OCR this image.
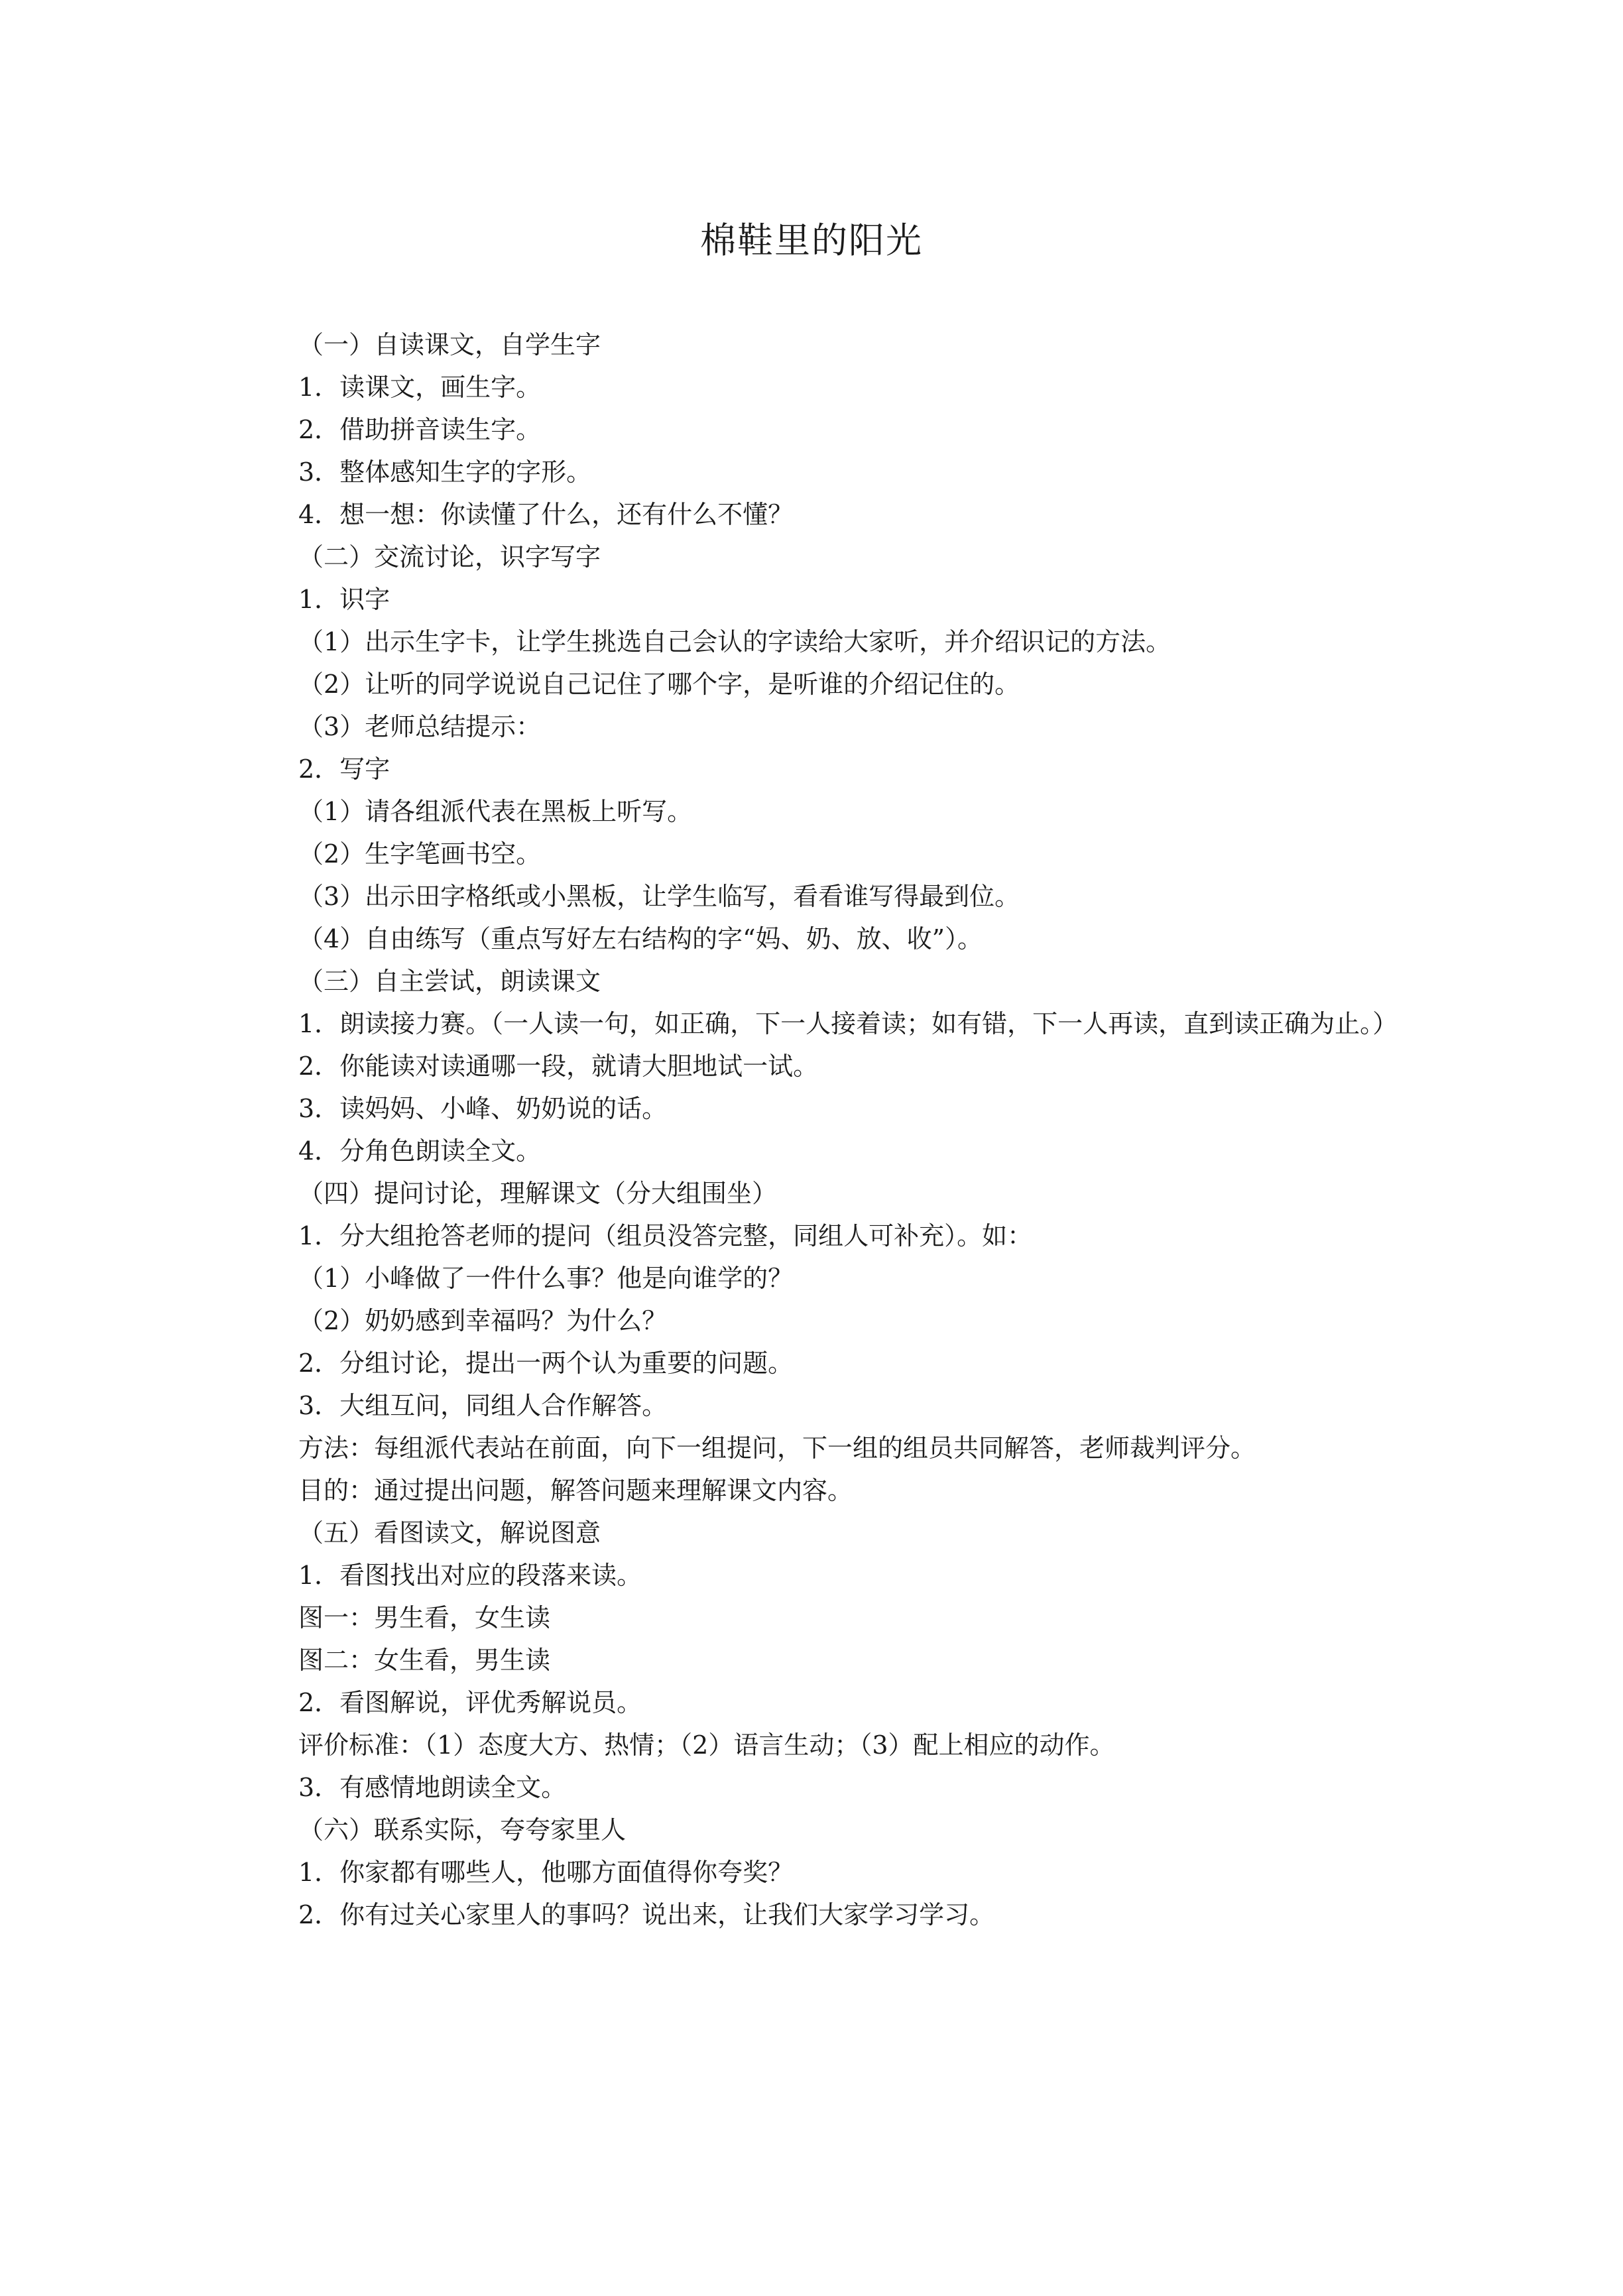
棉鞋里的阳光
（一）自读课文，自学生字
1．读课文，画生字。
2．借助拼音读生字。
3．整体感知生字的字形。
4．想一想：你读懂了什么，还有什么不懂？
（二）交流讨论，识字写字
1．识字
（1）出示生字卡，让学生挑选自己会认的字读给大家听，并介绍识记的方法。
（2）让听的同学说说自己记住了哪个字，是听谁的介绍记住的。
（3）老师总结提示：
2．写字
（1）请各组派代表在黑板上听写。
（2）生字笔画书空。
（3）出示田字格纸或小黑板，让学生临写，看看谁写得最到位。
（4）自由练写（重点写好左右结构的字“妈、奶、放、收”）。
（三）自主尝试，朗读课文
1．朗读接力赛。（一人读一句，如正确，下一人接着读；如有错，下一人再读，直到读正确为止。）
2．你能读对读通哪一段，就请大胆地试一试。
3．读妈妈、小峰、奶奶说的话。
4．分角色朗读全文。
（四）提问讨论，理解课文（分大组围坐）
1．分大组抢答老师的提问（组员没答完整，同组人可补充）。如：
（1）小峰做了一件什么事？他是向谁学的？
（2）奶奶感到幸福吗？为什么？
2．分组讨论，提出一两个认为重要的问题。
3．大组互问，同组人合作解答。
方法：每组派代表站在前面，向下一组提问，下一组的组员共同解答，老师裁判评分。
目的：通过提出问题，解答问题来理解课文内容。
（五）看图读文，解说图意
1．看图找出对应的段落来读。
图一：男生看，女生读
图二：女生看，男生读
2．看图解说，评优秀解说员。
评价标准：（1）态度大方、热情；（2）语言生动；（3）配上相应的动作。
3．有感情地朗读全文。
（六）联系实际，夸夸家里人
1．你家都有哪些人，他哪方面值得你夸奖？
2．你有过关心家里人的事吗？说出来，让我们大家学习学习。
